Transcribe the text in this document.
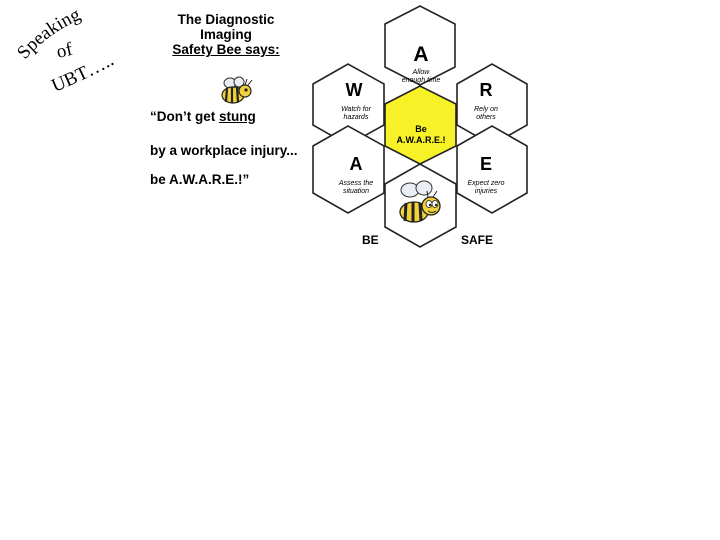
Speaking
of
UBT…..
The Diagnostic Imaging
Safety Bee says:
“Don’t get stung
by a workplace injury...
be A.W.A.R.E.!”
A
Allow
enough time
W
Watch for
hazards
R
Rely on
others
Be
A.W.A.R.E.!
A
Assess the
situation
E
Expect zero
injuries
BE	SAFE
